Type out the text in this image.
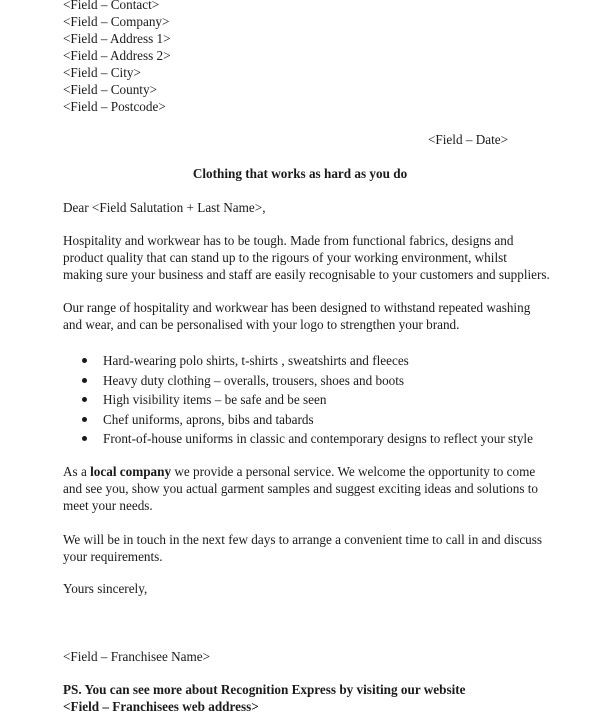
<Field – Contact>
<Field – Company>
<Field – Address 1>
<Field – Address 2>
<Field – City>
<Field – County>
<Field – Postcode>
<Field – Date>
Clothing that works as hard as you do
Dear <Field Salutation + Last Name>,
Hospitality and workwear has to be tough. Made from functional fabrics, designs and
product quality that can stand up to the rigours of your working environment, whilst
making sure your business and staff are easily recognisable to your customers and suppliers.
Our range of hospitality and workwear has been designed to withstand repeated washing
and wear, and can be personalised with your logo to strengthen your brand.
Hard-wearing polo shirts, t-shirts , sweatshirts and fleeces
Heavy duty clothing – overalls, trousers, shoes and boots
High visibility items – be safe and be seen
Chef uniforms, aprons, bibs and tabards
Front-of-house uniforms in classic and contemporary designs to reflect your style
As a local company we provide a personal service. We welcome the opportunity to come
and see you, show you actual garment samples and suggest exciting ideas and solutions to
meet your needs.
We will be in touch in the next few days to arrange a convenient time to call in and discuss
your requirements.
Yours sincerely,
<Field – Franchisee Name>
PS. You can see more about Recognition Express by visiting our website
<Field – Franchisees web address>
